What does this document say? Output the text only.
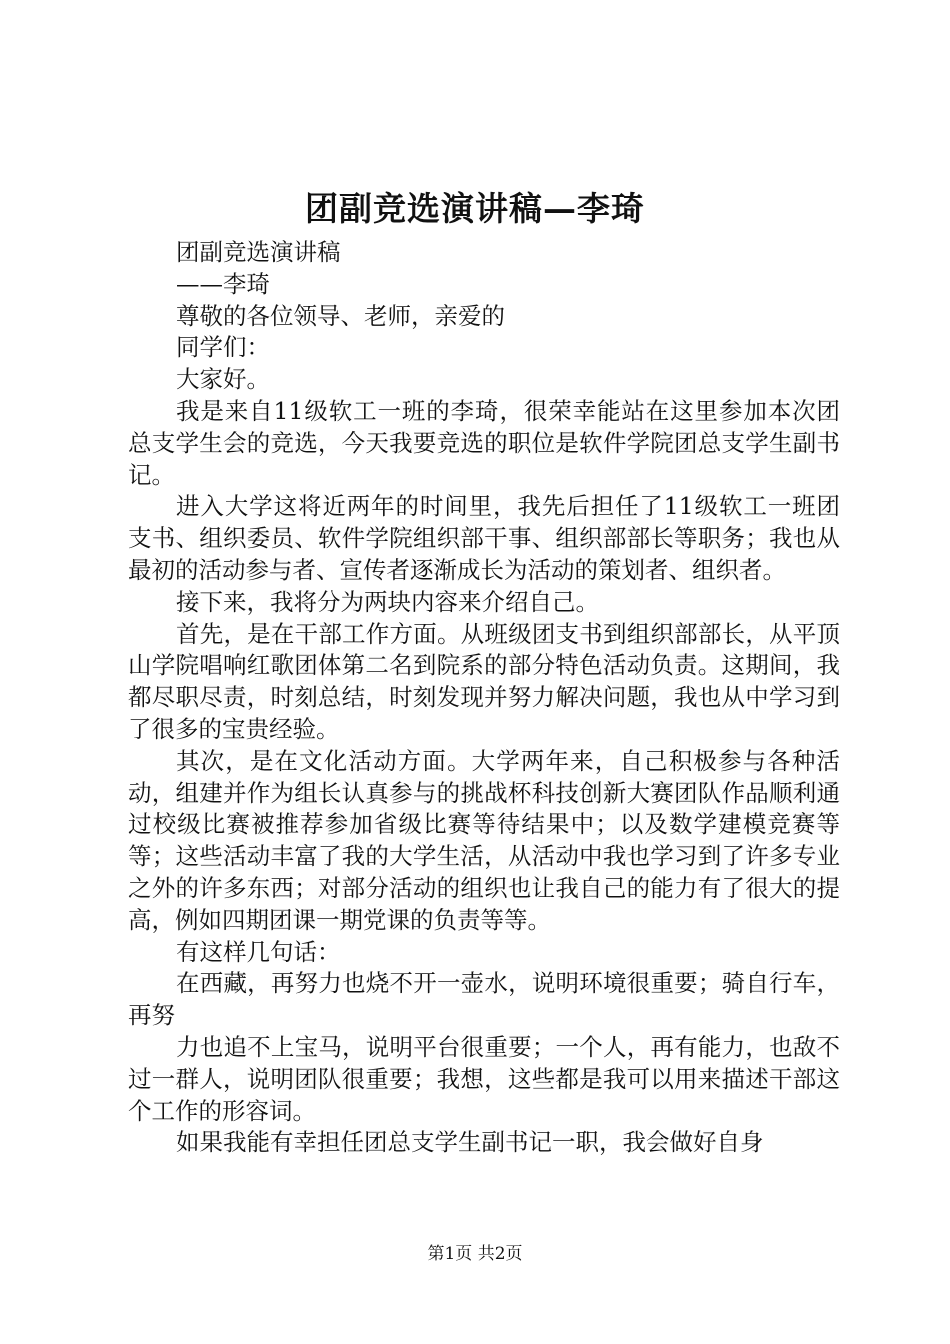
团副竞选演讲稿—李琦

团副竞选演讲稿

——李琦

尊敬的各位领导、老师，亲爱的

同学们：

大家好。

我是来自11级软工一班的李琦，很荣幸能站在这里参加本次团总支学生会的竞选，今天我要竞选的职位是软件学院团总支学生副书记。

进入大学这将近两年的时间里，我先后担任了11级软工一班团支书、组织委员、软件学院组织部干事、组织部部长等职务；我也从最初的活动参与者、宣传者逐渐成长为活动的策划者、组织者。

接下来，我将分为两块内容来介绍自己。

首先，是在干部工作方面。从班级团支书到组织部部长，从平顶山学院唱响红歌团体第二名到院系的部分特色活动负责。这期间，我都尽职尽责，时刻总结，时刻发现并努力解决问题，我也从中学习到了很多的宝贵经验。

其次，是在文化活动方面。大学两年来，自己积极参与各种活动，组建并作为组长认真参与的挑战杯科技创新大赛团队作品顺利通过校级比赛被推荐参加省级比赛等待结果中；以及数学建模竞赛等等；这些活动丰富了我的大学生活，从活动中我也学习到了许多专业之外的许多东西；对部分活动的组织也让我自己的能力有了很大的提高，例如四期团课一期党课的负责等等。

有这样几句话：

在西藏，再努力也烧不开一壶水，说明环境很重要；骑自行车，再努

力也追不上宝马，说明平台很重要；一个人，再有能力，也敌不过一群人，说明团队很重要；我想，这些都是我可以用来描述干部这个工作的形容词。

如果我能有幸担任团总支学生副书记一职，我会做好自身

第1页 共2页
